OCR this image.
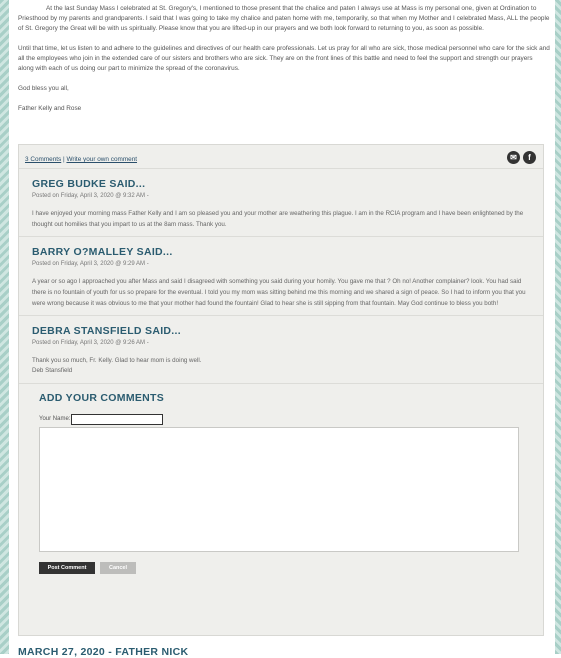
At the last Sunday Mass I celebrated at St. Gregory's, I mentioned to those present that the chalice and paten I always use at Mass is my personal one, given at Ordination to Priesthood by my parents and grandparents. I said that I was going to take my chalice and paten home with me, temporarily, so that when my Mother and I celebrated Mass, ALL the people of St. Gregory the Great will be with us spiritually. Please know that you are lifted-up in our prayers and we both look forward to returning to you, as soon as possible.

Until that time, let us listen to and adhere to the guidelines and directives of our health care professionals. Let us pray for all who are sick, those medical personnel who care for the sick and all the employees who join in the extended care of our sisters and brothers who are sick. They are on the front lines of this battle and need to feel the support and strength our prayers along with each of us doing our part to minimize the spread of the coronavirus.

God bless you all,

Father Kelly and Rose

3 Comments | Write your own comment	✉	f
GREG BUDKE SAID...
Posted on Friday, April 3, 2020 @ 9:32 AM -
I have enjoyed your morning mass Father Kelly and I am so pleased you and your mother are weathering this plague. I am in the RCIA program and I have been enlightened by the thought out homilies that you impart to us at the 8am mass. Thank you.
BARRY O?MALLEY SAID...
Posted on Friday, April 3, 2020 @ 9:29 AM -
A year or so ago I approached you after Mass and said I disagreed with something you said during your homily. You gave me that ? Oh no! Another complainer? look. You had said there is no fountain of youth for us so prepare for the eventual. I told you my mom was sitting behind me this morning and we shared a sign of peace. So I had to inform you that you were wrong because it was obvious to me that your mother had found the fountain! Glad to hear she is still sipping from that fountain. May God continue to bless you both!
DEBRA STANSFIELD SAID...
Posted on Friday, April 3, 2020 @ 9:26 AM -
Thank you so much, Fr. Kelly. Glad to hear mom is doing well.
Deb Stansfield
ADD YOUR COMMENTS
Your Name:
Post Comment	Cancel
MARCH 27, 2020 - FATHER NICK
